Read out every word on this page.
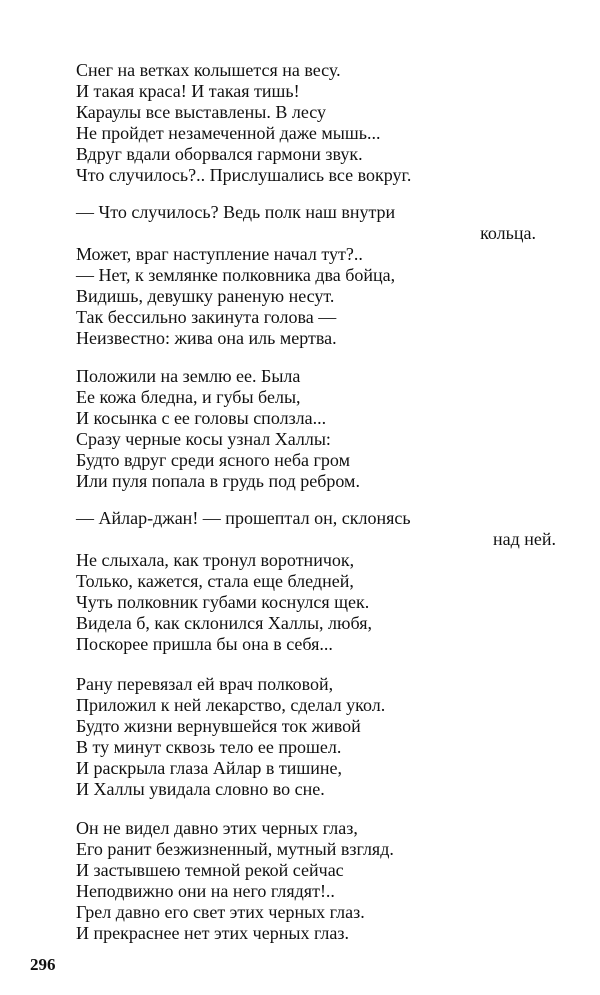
Снег на ветках колышется на весу.
И такая краса! И такая тишь!
Караулы все выставлены. В лесу
Не пройдет незамеченной даже мышь...
Вдруг вдали оборвался гармони звук.
Что случилось?.. Прислушались все вокруг.
— Что случилось? Ведь полк наш внутри
кольца.
Может, враг наступление начал тут?..
— Нет, к землянке полковника два бойца,
Видишь, девушку раненую несут.
Так бессильно закинута голова —
Неизвестно: жива она иль мертва.
Положили на землю ее. Была
Ее кожа бледна, и губы белы,
И косынка с ее головы сползла...
Сразу черные косы узнал Халлы:
Будто вдруг среди ясного неба гром
Или пуля попала в грудь под ребром.
— Айлар-джан! — прошептал он, склонясь
над ней.
Не слыхала, как тронул воротничок,
Только, кажется, стала еще бледней,
Чуть полковник губами коснулся щек.
Видела б, как склонился Халлы, любя,
Поскорее пришла бы она в себя...
Рану перевязал ей врач полковой,
Приложил к ней лекарство, сделал укол.
Будто жизни вернувшейся ток живой
В ту минут сквозь тело ее прошел.
И раскрыла глаза Айлар в тишине,
И Халлы увидала словно во сне.
Он не видел давно этих черных глаз,
Его ранит безжизненный, мутный взгляд.
И застывшею темной рекой сейчас
Неподвижно они на него глядят!..
Грел давно его свет этих черных глаз.
И прекраснее нет этих черных глаз.
296
